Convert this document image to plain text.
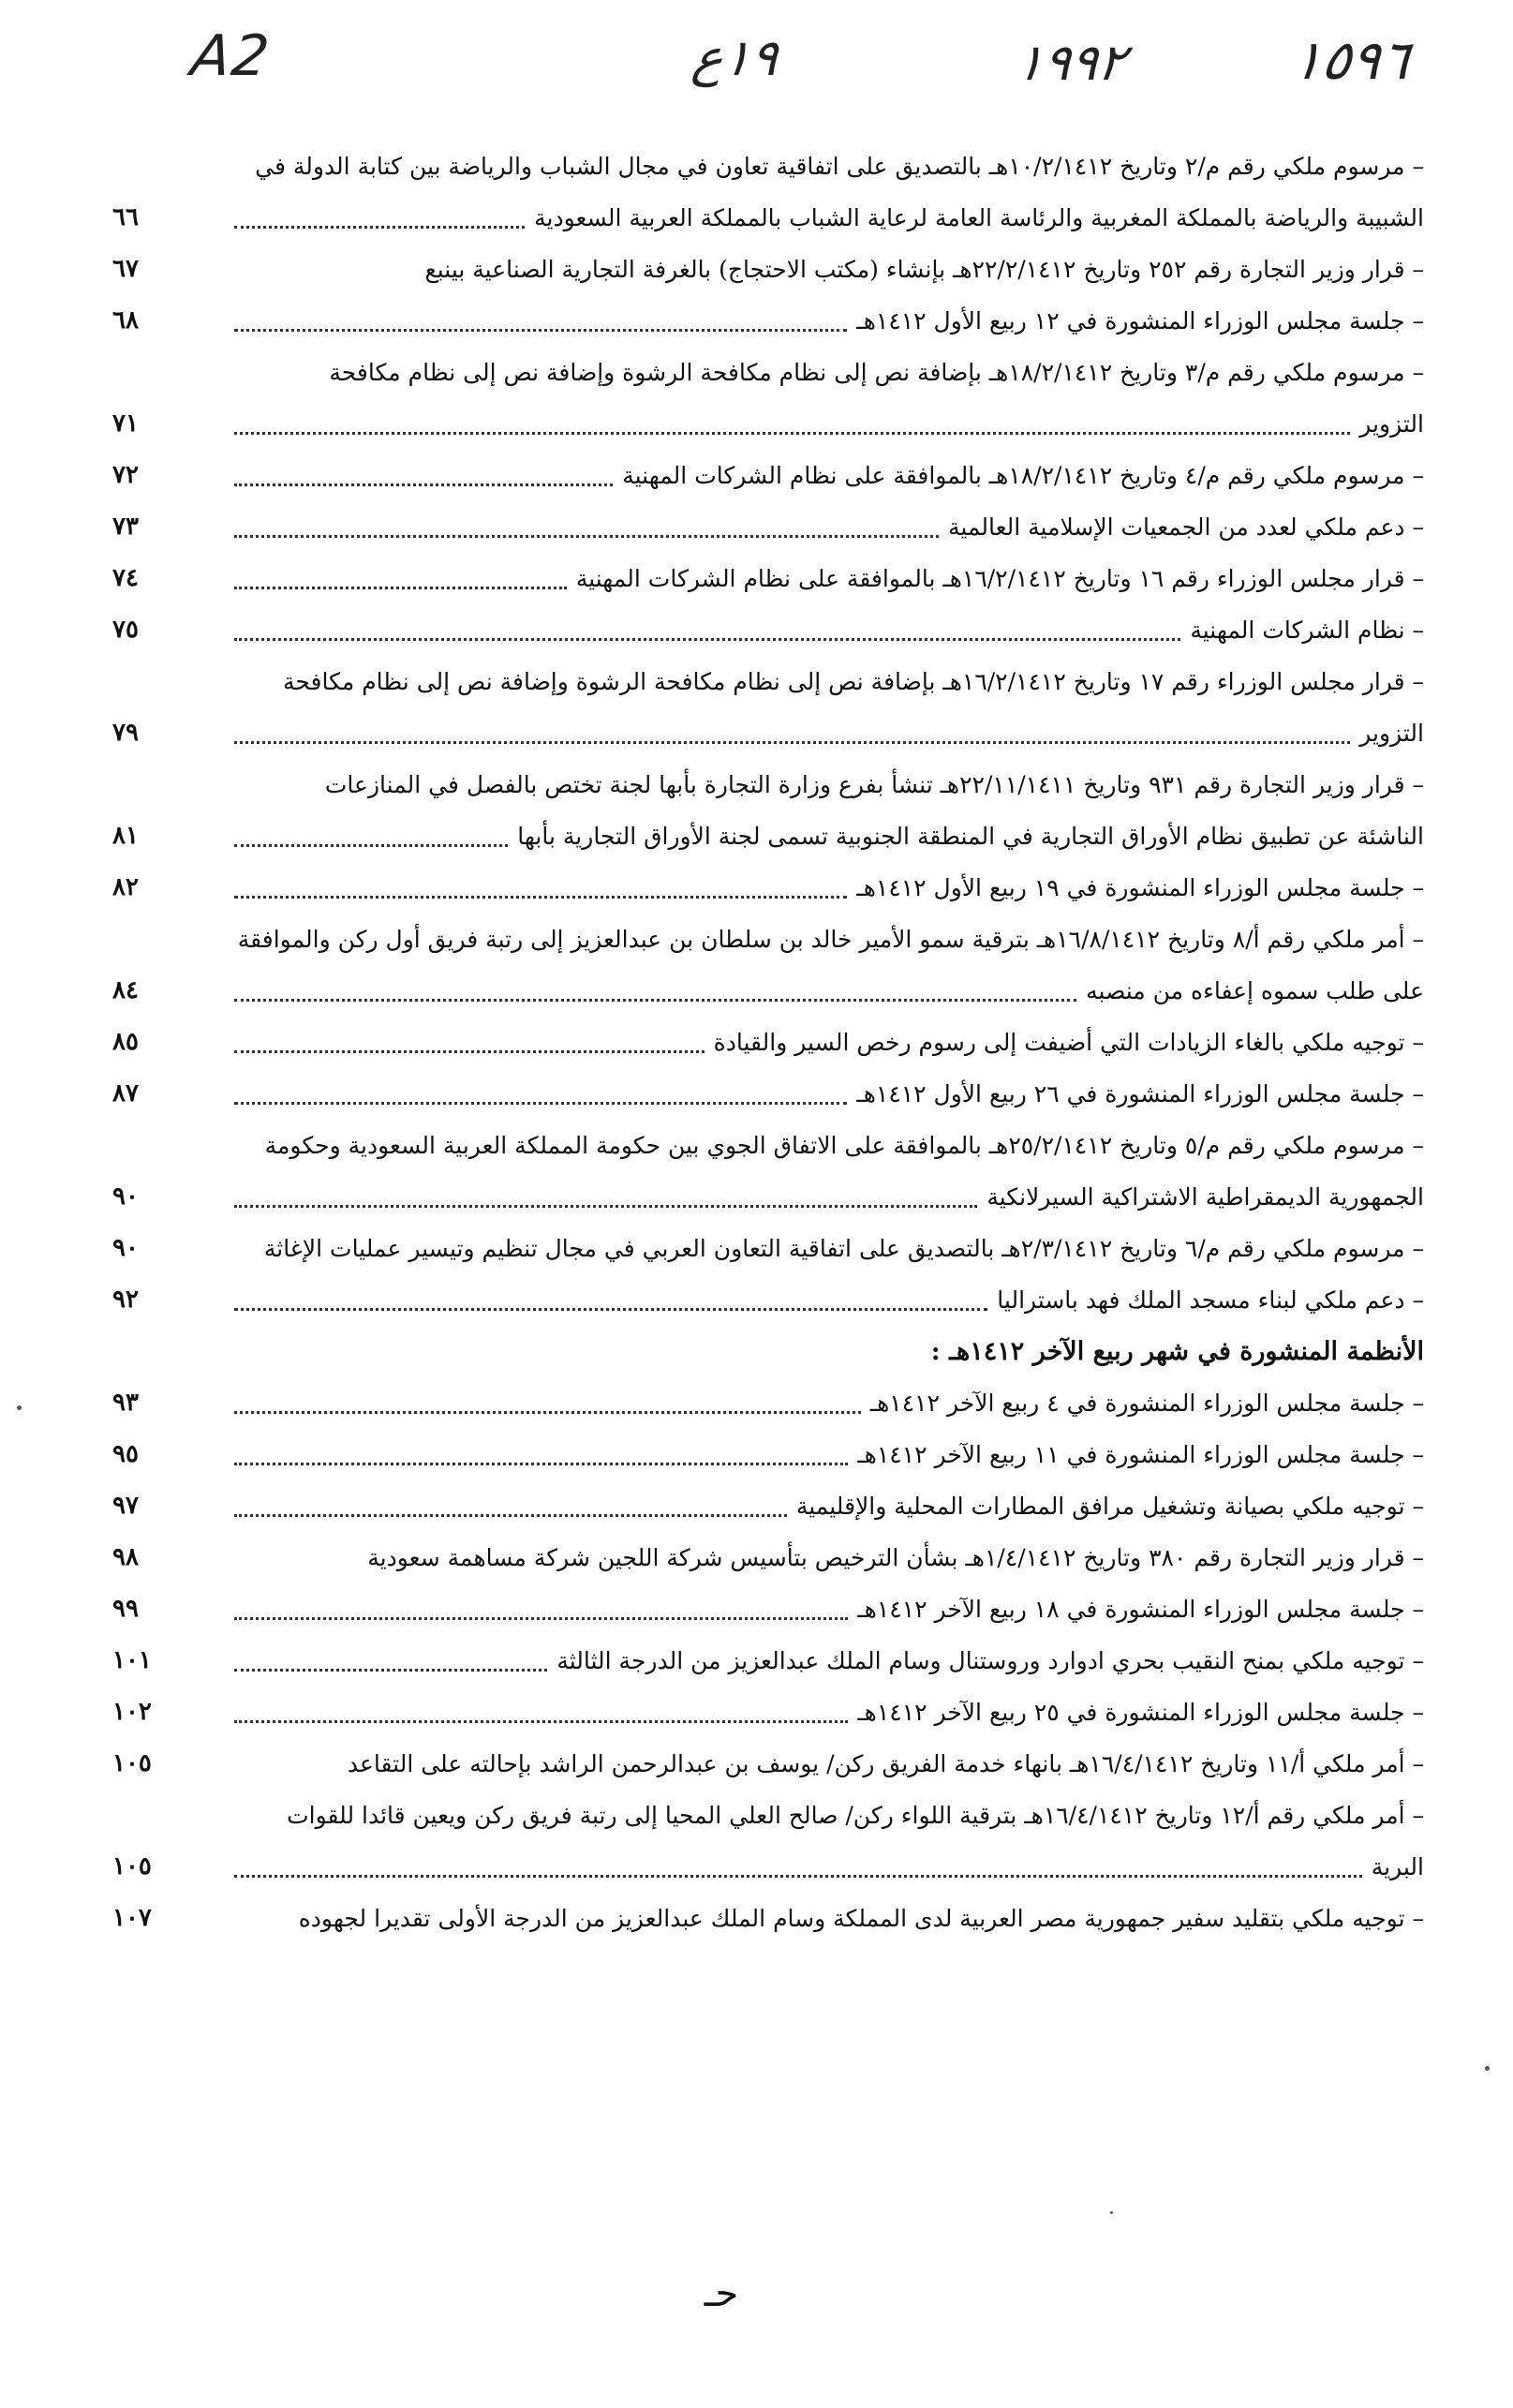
A2	١٩ع	١٩٩٢	١٥٩٦
– مرسوم ملكي رقم م/٢ وتاريخ ١٠/٢/١٤١٢هـ بالتصديق على اتفاقية تعاون في مجال الشباب والرياضة بين كتابة الدولة في
الشبيبة والرياضة بالمملكة المغربية والرئاسة العامة لرعاية الشباب بالمملكة العربية السعودية
٦٦
– قرار وزير التجارة رقم ٢٥٢ وتاريخ ٢٢/٢/١٤١٢هـ بإنشاء (مكتب الاحتجاج) بالغرفة التجارية الصناعية بينبع
٦٧
– جلسة مجلس الوزراء المنشورة في ١٢ ربيع الأول ١٤١٢هـ
٦٨
– مرسوم ملكي رقم م/٣ وتاريخ ١٨/٢/١٤١٢هـ بإضافة نص إلى نظام مكافحة الرشوة وإضافة نص إلى نظام مكافحة
التزوير
٧١
– مرسوم ملكي رقم م/٤ وتاريخ ١٨/٢/١٤١٢هـ بالموافقة على نظام الشركات المهنية
٧٢
– دعم ملكي لعدد من الجمعيات الإسلامية العالمية
٧٣
– قرار مجلس الوزراء رقم ١٦ وتاريخ ١٦/٢/١٤١٢هـ بالموافقة على نظام الشركات المهنية
٧٤
– نظام الشركات المهنية
٧٥
– قرار مجلس الوزراء رقم ١٧ وتاريخ ١٦/٢/١٤١٢هـ بإضافة نص إلى نظام مكافحة الرشوة وإضافة نص إلى نظام مكافحة
التزوير
٧٩
– قرار وزير التجارة رقم ٩٣١ وتاريخ ٢٢/١١/١٤١١هـ تنشأ بفرع وزارة التجارة بأبها لجنة تختص بالفصل في المنازعات
الناشئة عن تطبيق نظام الأوراق التجارية في المنطقة الجنوبية تسمى لجنة الأوراق التجارية بأبها
٨١
– جلسة مجلس الوزراء المنشورة في ١٩ ربيع الأول ١٤١٢هـ
٨٢
– أمر ملكي رقم أ/٨ وتاريخ ١٦/٨/١٤١٢هـ بترقية سمو الأمير خالد بن سلطان بن عبدالعزيز إلى رتبة فريق أول ركن والموافقة
على طلب سموه إعفاءه من منصبه
٨٤
– توجيه ملكي بالغاء الزيادات التي أضيفت إلى رسوم رخص السير والقيادة
٨٥
– جلسة مجلس الوزراء المنشورة في ٢٦ ربيع الأول ١٤١٢هـ
٨٧
– مرسوم ملكي رقم م/٥ وتاريخ ٢٥/٢/١٤١٢هـ بالموافقة على الاتفاق الجوي بين حكومة المملكة العربية السعودية وحكومة
الجمهورية الديمقراطية الاشتراكية السيرلانكية
٩٠
– مرسوم ملكي رقم م/٦ وتاريخ ٢/٣/١٤١٢هـ بالتصديق على اتفاقية التعاون العربي في مجال تنظيم وتيسير عمليات الإغاثة
٩٠
– دعم ملكي لبناء مسجد الملك فهد باستراليا
٩٢
الأنظمة المنشورة في شهر ربيع الآخر ١٤١٢هـ :
– جلسة مجلس الوزراء المنشورة في ٤ ربيع الآخر ١٤١٢هـ
٩٣
– جلسة مجلس الوزراء المنشورة في ١١ ربيع الآخر ١٤١٢هـ
٩٥
– توجيه ملكي بصيانة وتشغيل مرافق المطارات المحلية والإقليمية
٩٧
– قرار وزير التجارة رقم ٣٨٠ وتاريخ ١/٤/١٤١٢هـ بشأن الترخيص بتأسيس شركة اللجين شركة مساهمة سعودية
٩٨
– جلسة مجلس الوزراء المنشورة في ١٨ ربيع الآخر ١٤١٢هـ
٩٩
– توجيه ملكي بمنح النقيب بحري ادوارد وروستنال وسام الملك عبدالعزيز من الدرجة الثالثة
١٠١
– جلسة مجلس الوزراء المنشورة في ٢٥ ربيع الآخر ١٤١٢هـ
١٠٢
– أمر ملكي أ/١١ وتاريخ ١٦/٤/١٤١٢هـ بانهاء خدمة الفريق ركن/ يوسف بن عبدالرحمن الراشد بإحالته على التقاعد
١٠٥
– أمر ملكي رقم أ/١٢ وتاريخ ١٦/٤/١٤١٢هـ بترقية اللواء ركن/ صالح العلي المحيا إلى رتبة فريق ركن ويعين قائدا للقوات
البرية
١٠٥
– توجيه ملكي بتقليد سفير جمهورية مصر العربية لدى المملكة وسام الملك عبدالعزيز من الدرجة الأولى تقديرا لجهوده
١٠٧
حـ
